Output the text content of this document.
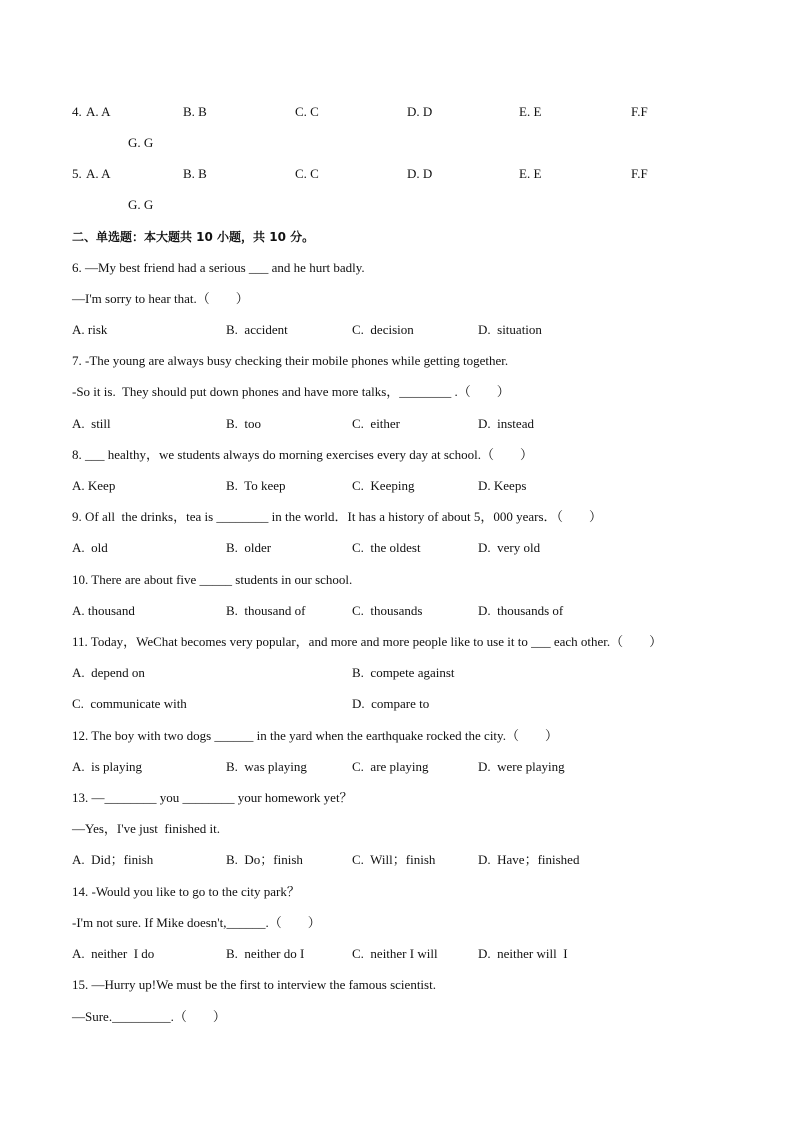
4. A. A	B. B	C. C	D. D	E. E	F.F
G. G
5. A. A	B. B	C. C	D. D	E. E	F.F
G. G
二、单选题：本大题共 10 小题，共 10 分。
6. —My best friend had a serious ___ and he hurt badly.
—I'm sorry to hear that.（　　）
A. risk	B.  accident	C.  decision	D.  situation
7. -The young are always busy checking their mobile phones while getting together.
-So it is.  They should put down phones and have more talks，________ .（　　）
A.  still	B.  too	C.  either	D.  instead
8. ___ healthy，we students always do morning exercises every day at school.（　　）
A. Keep	B.  To keep	C.  Keeping	D. Keeps
9. Of all  the drinks，tea is ________ in the world．It has a history of about 5，000 years．（　　）
A.  old	B.  older	C.  the oldest	D.  very old
10. There are about five _____ students in our school.
A. thousand	B.  thousand of	C.  thousands	D.  thousands of
11. Today，WeChat becomes very popular，and more and more people like to use it to ___ each other.（　　）
A.  depend on	B.  compete against
C.  communicate with	D.  compare to
12. The boy with two dogs ______ in the yard when the earthquake rocked the city.（　　）
A.  is playing	B.  was playing	C.  are playing	D.  were playing
13. —________ you ________ your homework yet？
—Yes，I've just  finished it.
A.  Did；finish	B.  Do；finish	C.  Will；finish	D.  Have；finished
14. -Would you like to go to the city park？
-I'm not sure. If Mike doesn't,______.（　　）
A.  neither  I do	B.  neither do I	C.  neither I will	D.  neither will  I
15. —Hurry up!We must be the first to interview the famous scientist.
—Sure._________.（　　）
